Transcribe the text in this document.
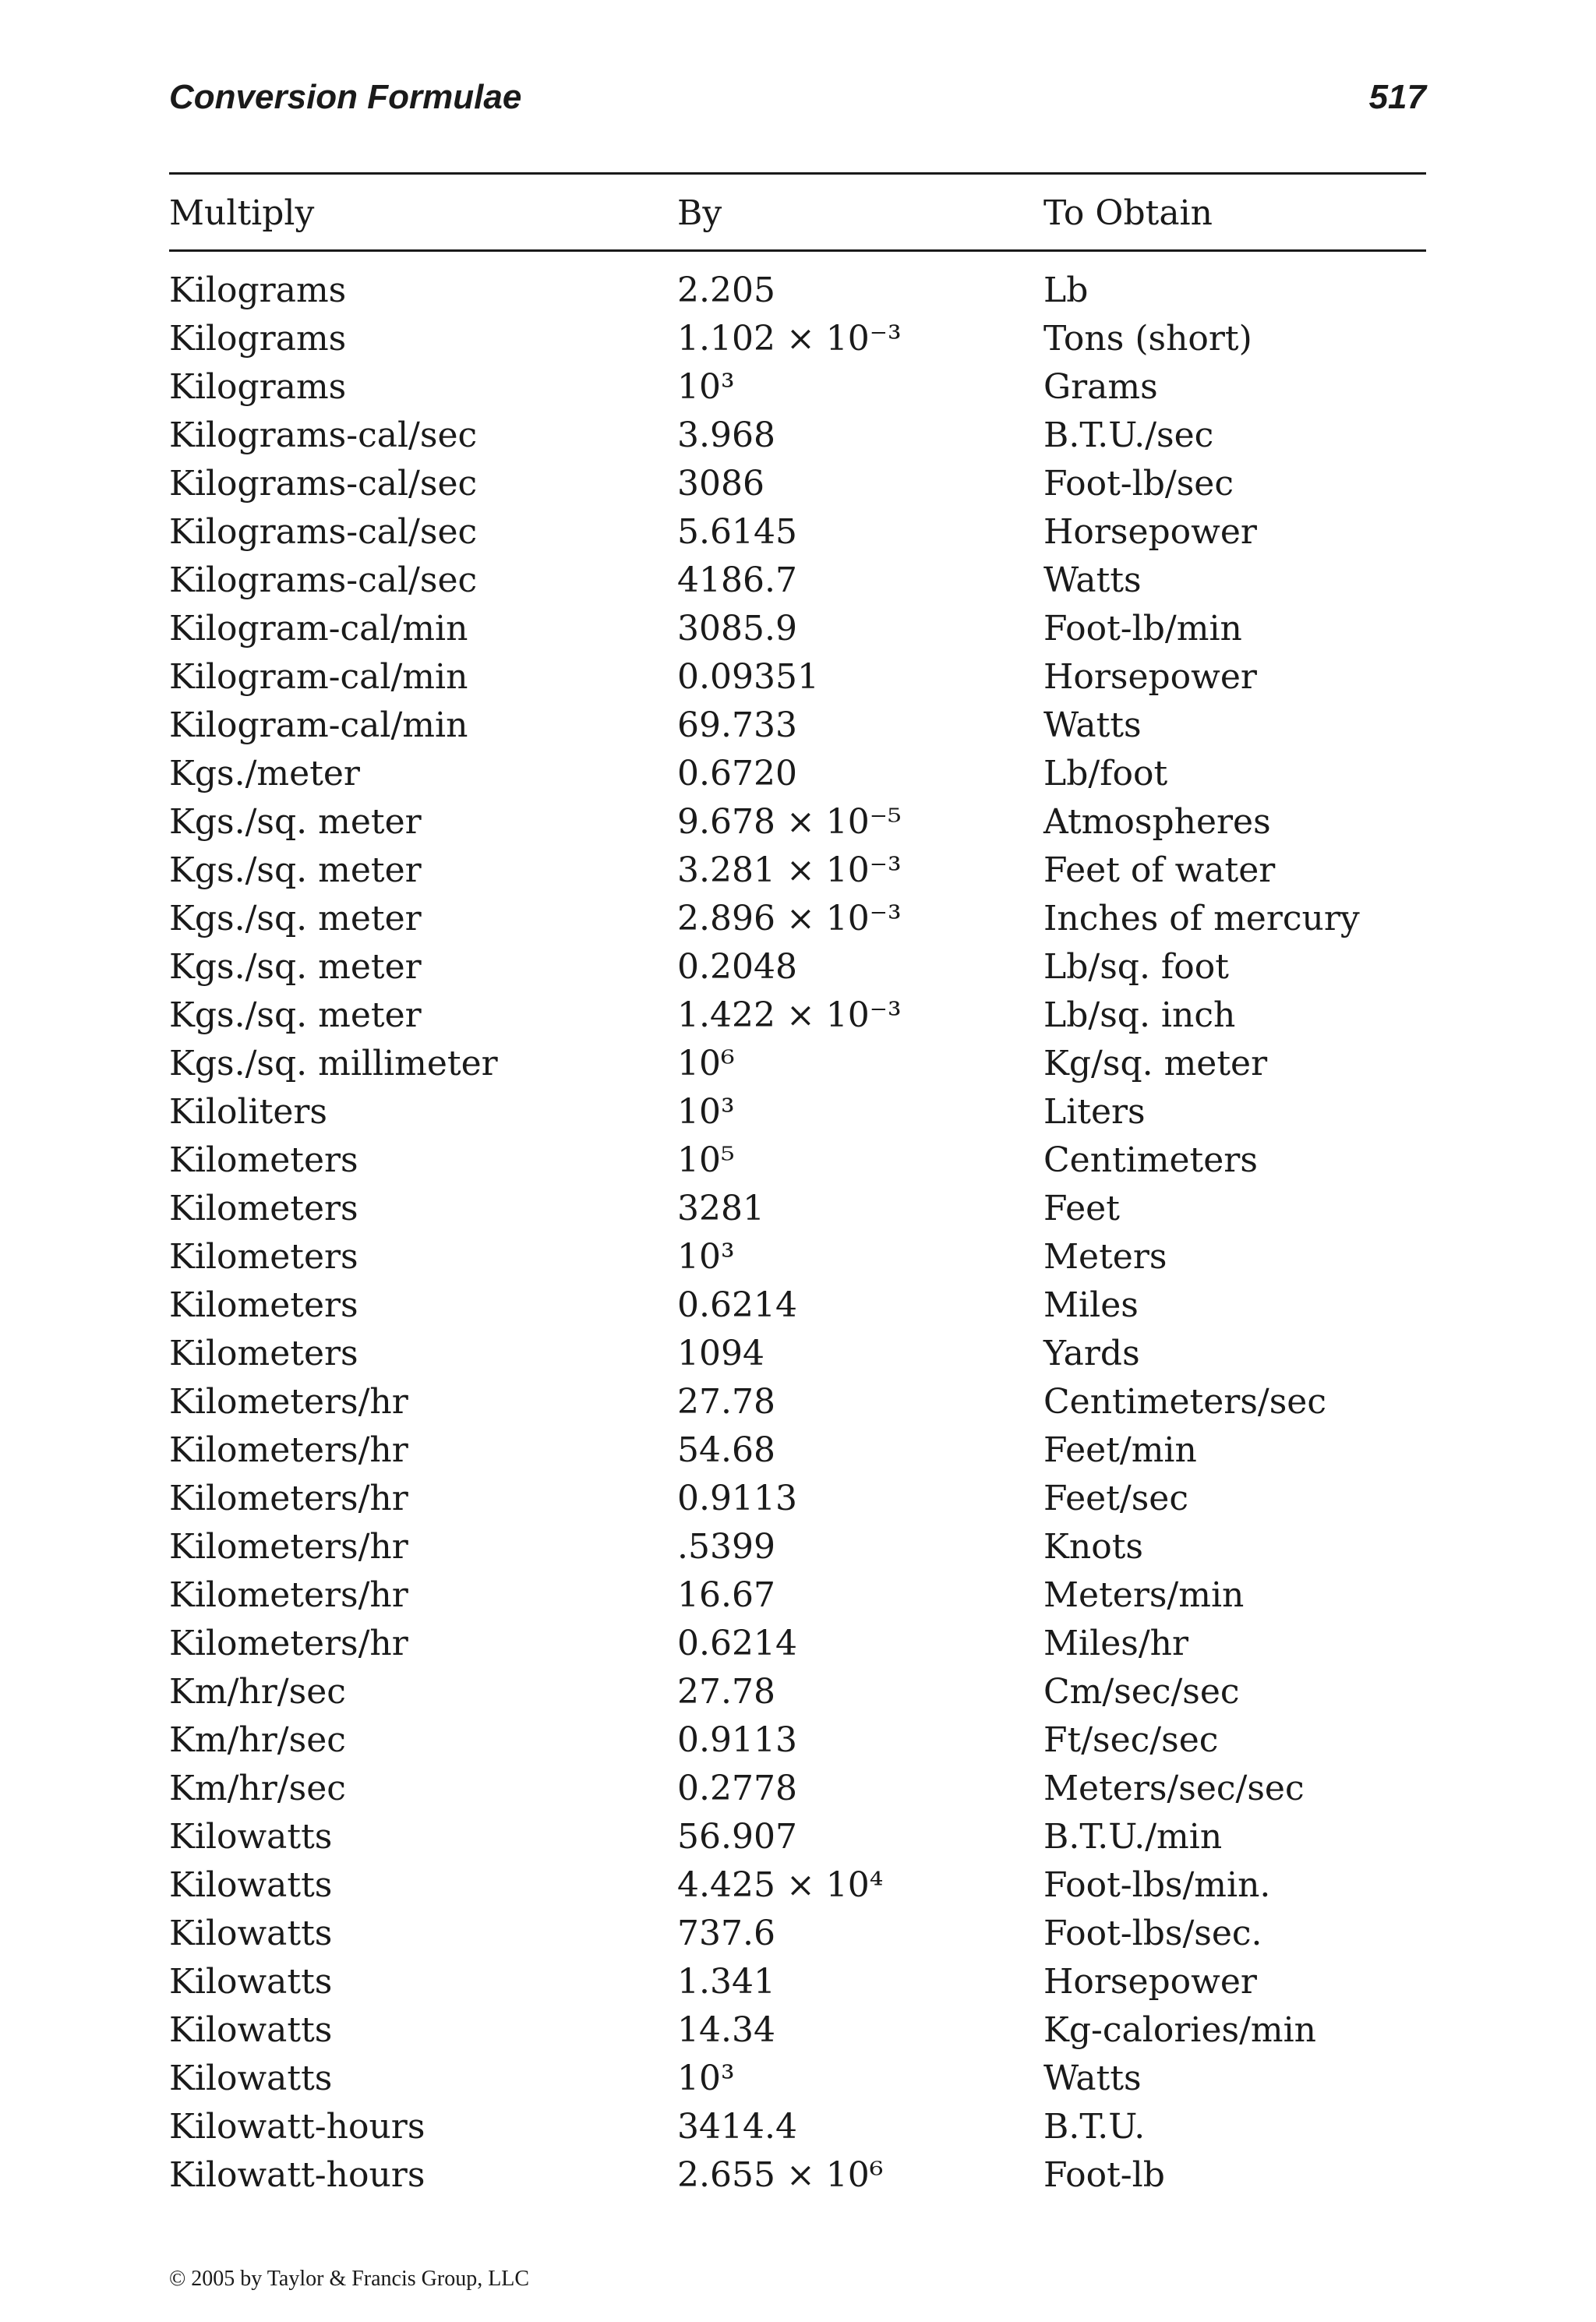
Conversion Formulae	517
Multiply	By	To Obtain
Kilograms	2.205	Lb
Kilograms	1.102 × 10⁻³	Tons (short)
Kilograms	10³	Grams
Kilograms-cal/sec	3.968	B.T.U./sec
Kilograms-cal/sec	3086	Foot-lb/sec
Kilograms-cal/sec	5.6145	Horsepower
Kilograms-cal/sec	4186.7	Watts
Kilogram-cal/min	3085.9	Foot-lb/min
Kilogram-cal/min	0.09351	Horsepower
Kilogram-cal/min	69.733	Watts
Kgs./meter	0.6720	Lb/foot
Kgs./sq. meter	9.678 × 10⁻⁵	Atmospheres
Kgs./sq. meter	3.281 × 10⁻³	Feet of water
Kgs./sq. meter	2.896 × 10⁻³	Inches of mercury
Kgs./sq. meter	0.2048	Lb/sq. foot
Kgs./sq. meter	1.422 × 10⁻³	Lb/sq. inch
Kgs./sq. millimeter	10⁶	Kg/sq. meter
Kiloliters	10³	Liters
Kilometers	10⁵	Centimeters
Kilometers	3281	Feet
Kilometers	10³	Meters
Kilometers	0.6214	Miles
Kilometers	1094	Yards
Kilometers/hr	27.78	Centimeters/sec
Kilometers/hr	54.68	Feet/min
Kilometers/hr	0.9113	Feet/sec
Kilometers/hr	.5399	Knots
Kilometers/hr	16.67	Meters/min
Kilometers/hr	0.6214	Miles/hr
Km/hr/sec	27.78	Cm/sec/sec
Km/hr/sec	0.9113	Ft/sec/sec
Km/hr/sec	0.2778	Meters/sec/sec
Kilowatts	56.907	B.T.U./min
Kilowatts	4.425 × 10⁴	Foot-lbs/min.
Kilowatts	737.6	Foot-lbs/sec.
Kilowatts	1.341	Horsepower
Kilowatts	14.34	Kg-calories/min
Kilowatts	10³	Watts
Kilowatt-hours	3414.4	B.T.U.
Kilowatt-hours	2.655 × 10⁶	Foot-lb
© 2005 by Taylor & Francis Group, LLC
